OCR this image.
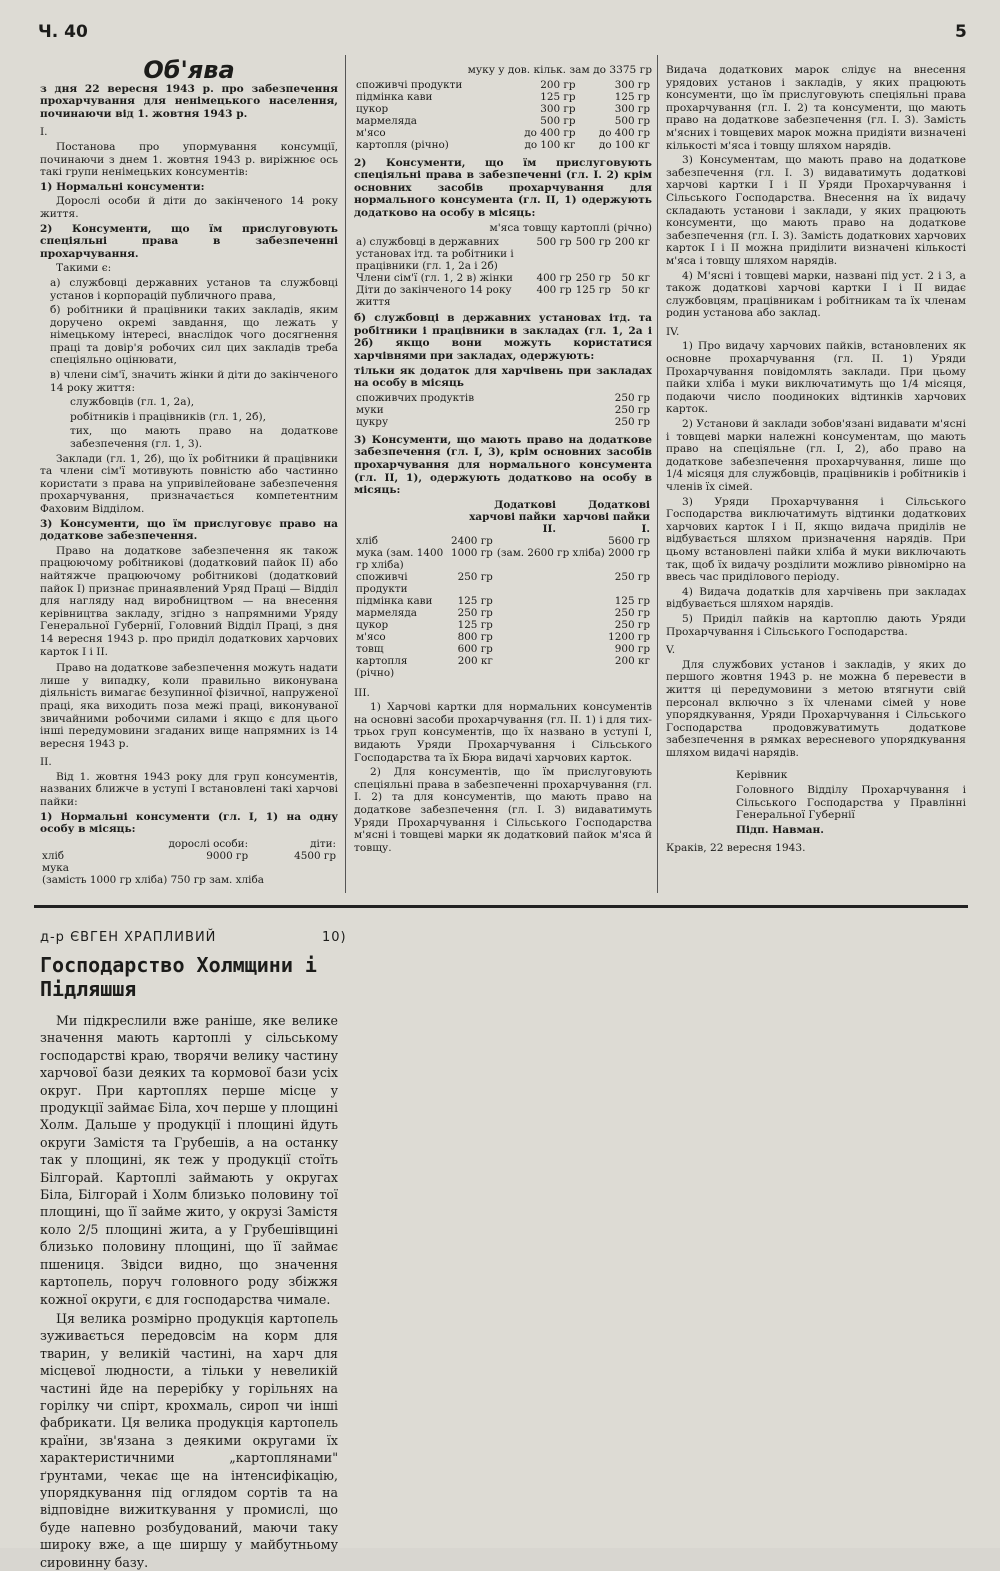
Ч. 40	5
Об'ява

з дня 22 вересня 1943 р. про забезпечення прохарчування для ненімецького населення, починаючи від 1. жовтня 1943 р.

I.

Постанова про упормування консумції, починаючи з днем 1. жовтня 1943 р. виріжнює ось такі групи ненімецьких консументів:

1) Нормальні консументи:

Дорослі особи й діти до закінченого 14 року життя.

2) Консументи, що їм прислуговують спеціяльні права в забезпеченні прохарчування.

Такими є:

а) службовці державних установ та службовці установ і корпорацій публичного права,

б) робітники й працівники таких закладів, яким доручено окремі завдання, що лежать у німецькому інтересі, внаслідок чого досягнення праці та довір'я робочих сил цих закладів треба спеціяльно оцінювати,

в) члени сім'ї, значить жінки й діти до закінченого 14 року життя:

службовців (гл. 1, 2а),

робітників і працівників (гл. 1, 2б),

тих, що мають право на додаткове забезпечення (гл. 1, 3).

Заклади (гл. 1, 2б), що їх робітники й працівники та члени сім'ї мотивують повністю або частинно користати з права на упривілейоване забезпечення прохарчування, призначається компетентним Фаховим Відділом.

3) Консументи, що їм прислуговує право на додаткове забезпечення.

Право на додаткове забезпечення як також працюючому робітникові (додатковий пайок II) або найтяжче працюючому робітникові (додатковий пайок I) признає принаявлений Уряд Праці — Відділ для нагляду над виробництвом — на внесення керівництва закладу, згідно з напрямними Уряду Генеральної Губернії, Головний Відділ Праці, з дня 14 вересня 1943 р. про приділ додаткових харчових карток I і II.

Право на додаткове забезпечення можуть надати лише у випадку, коли правильно виконувана діяльність вимагає безупинної фізичної, напруженої праці, яка виходить поза межі праці, виконуваної звичайними робочими силами і якщо є для цього інші передумовини згаданих вище напрямних із 14 вересня 1943 р.

II.

Від 1. жовтня 1943 року для груп консументів, названих ближче в уступі I встановлені такі харчові пайки:

1) Нормальні консументи (гл. I, 1) на одну особу в місяць:

	дорослі особи:	діти:
хліб	9000 гр	4500 гр
мука		
(замість 1000 гр хліба) 750 гр зам. хліба		

муку у дов. кільк. зам до 3375 гр

споживчі продукти	200 гр	300 гр
підмінка кави	125 гр	125 гр
цукор	300 гр	300 гр
мармеляда	500 гр	500 гр
м'ясо	до 400 гр	до 400 гр
картопля (річно)	до 100 кг	до 100 кг

2) Консументи, що їм прислуговують спеціяльні права в забезпеченні (гл. I. 2) крім основних засобів прохарчування для нормального консумента (гл. II, 1) одержують додатково на особу в місяць:

м'яса товщу картоплі (річно)

а) службовці в державних установах ітд. та робітники і працівники (гл. 1, 2а і 2б)	500 гр	500 гр	200 кг
Члени сім'ї (гл. 1, 2 в) жінки	400 гр	250 гр	50 кг
Діти до закінченого 14 року життя	400 гр	125 гр	50 кг

б) службовці в державних установах ітд. та робітники і працівники в закладах (гл. 1, 2а і 2б) якщо вони можуть користатися харчівнями при закладах, одержують:

тільки як додаток для харчівень при закладах на особу в місяць

споживчих продуктів	250 гр
муки	250 гр
цукру	250 гр

3) Консументи, що мають право на додаткове забезпечення (гл. I, 3), крім основних засобів прохарчування для нормального консумента (гл. II, 1), одержують додатково на особу в місяць:

	Додаткові харчові пайки II.	Додаткові харчові пайки I.
хліб	2400 гр	5600 гр
мука (зам. 1400 гр хліба)	1000 гр	(зам. 2600 гр хліба) 2000 гр
споживчі продукти	250 гр	250 гр
підмінка кави	125 гр	125 гр
мармеляда	250 гр	250 гр
цукор	125 гр	250 гр
м'ясо	800 гр	1200 гр
товщ	600 гр	900 гр
картопля (річно)	200 кг	200 кг

III.

1) Харчові картки для нормальних консументів на основні засоби прохарчування (гл. II. 1) і для тих-трьох груп консументів, що їх названо в уступі I, видають Уряди Прохарчування і Сільського Господарства та їх Бюра видачі харчових карток.

2) Для консументів, що їм прислуговують спеціяльні права в забезпеченні прохарчування (гл. I. 2) та для консументів, що мають право на додаткове забезпечення (гл. I. 3) видаватимуть Уряди Прохарчування і Сільського Господарства м'ясні і товщеві марки як додатковий пайок м'яса й товщу.

Видача додаткових марок слідує на внесення урядових установ і закладів, у яких працюють консументи, що їм прислуговують спеціяльні права прохарчування (гл. I. 2) та консументи, що мають право на додаткове забезпечення (гл. I. 3). Замість м'ясних і товщевих марок можна придіяти визначені кількості м'яса і товщу шляхом нарядів.

3) Консументам, що мають право на додаткове забезпечення (гл. I. 3) видаватимуть додаткові харчові картки I і II Уряди Прохарчування і Сільського Господарства. Внесення на їх видачу складають установи і заклади, у яких працюють консументи, що мають право на додаткове забезпечення (гл. I. 3). Замість додаткових харчових карток I і II можна приділити визначені кількості м'яса і товщу шляхом нарядів.

4) М'ясні і товщеві марки, названі під уст. 2 і 3, а також додаткові харчові картки I і II видає службовцям, працівникам і робітникам та їх членам родин установа або заклад.

IV.

1) Про видачу харчових пайків, встановлених як основне прохарчування (гл. II. 1) Уряди Прохарчування повідомлять заклади. При цьому пайки хліба і муки виключатимуть що 1/4 місяця, подаючи число поодиноких відтинків харчових карток.

2) Установи й заклади зобов'язані видавати м'ясні і товщеві марки належні консументам, що мають право на спеціяльне (гл. I, 2), або право на додаткове забезпечення прохарчування, лише що 1/4 місяця для службовців, працівників і робітників і членів їх сімей.

3) Уряди Прохарчування і Сільського Господарства виключатимуть відтинки додаткових харчових карток I і II, якщо видача приділів не відбувається шляхом призначення нарядів. При цьому встановлені пайки хліба й муки виключають так, щоб їх видачу розділити можливо рівномірно на ввесь час приділового періоду.

4) Видача додатків для харчівень при закладах відбувається шляхом нарядів.

5) Приділ пайків на картоплю дають Уряди Прохарчування і Сільського Господарства.

V.

Для службових установ і закладів, у яких до першого жовтня 1943 р. не можна б перевести в життя ці передумовини з метою втягнути свій персонал включно з їх членами сімей у нове упорядкування, Уряди Прохарчування і Сільського Господарства продовжуватимуть додаткове забезпечення в рямках вересневого упорядкування шляхом видачі нарядів.

Керівник

Головного Відділу Прохарчування і Сільського Господарства у Правлінні Генеральної Губернії

Підп. Навман.

Краків, 22 вересня 1943.

д-р ЄВГЕН ХРАПЛИВИЙ	10)
Господарство Холмщини і Підляшшя

Ми підкреслили вже раніше, яке велике значення мають картоплі у сільському господарстві краю, творячи велику частину харчової бази деяких та кормової бази усіх округ. При картоплях перше місце у продукції займає Біла, хоч перше у площині Холм. Дальше у продукції і площині йдуть округи Замістя та Грубешів, а на останку так у площині, як теж у продукції стоїть Білгорай. Картоплі займають у округах Біла, Білгорай і Холм близько половину тої площині, що її займе жито, у окрузі Замістя коло 2/5 площині жита, а у Грубешівщині близько половину площині, що її займає пшениця. Звідси видно, що значення картопель, поруч головного роду збіжжя кожної округи, є для господарства чимале.

Ця велика розмірно продукція картопель зуживається передовсім на корм для тварин, у великій частині, на харч для місцевої людности, а тільки у невеликій частині йде на перерібку у горільнях на горілку чи спірт, крохмаль, сироп чи інші фабрикати. Ця велика продукція картопель країни, зв'язана з деякими округами їх характеристичними „картоплянами" ґрунтами, чекає ще на інтенсифікацію, упорядкування під оглядом сортів та на відповідне вижиткування у промислі, що буде напевно розбудований, маючи таку широку вже, а ще ширшу у майбутньому сировинну базу.
